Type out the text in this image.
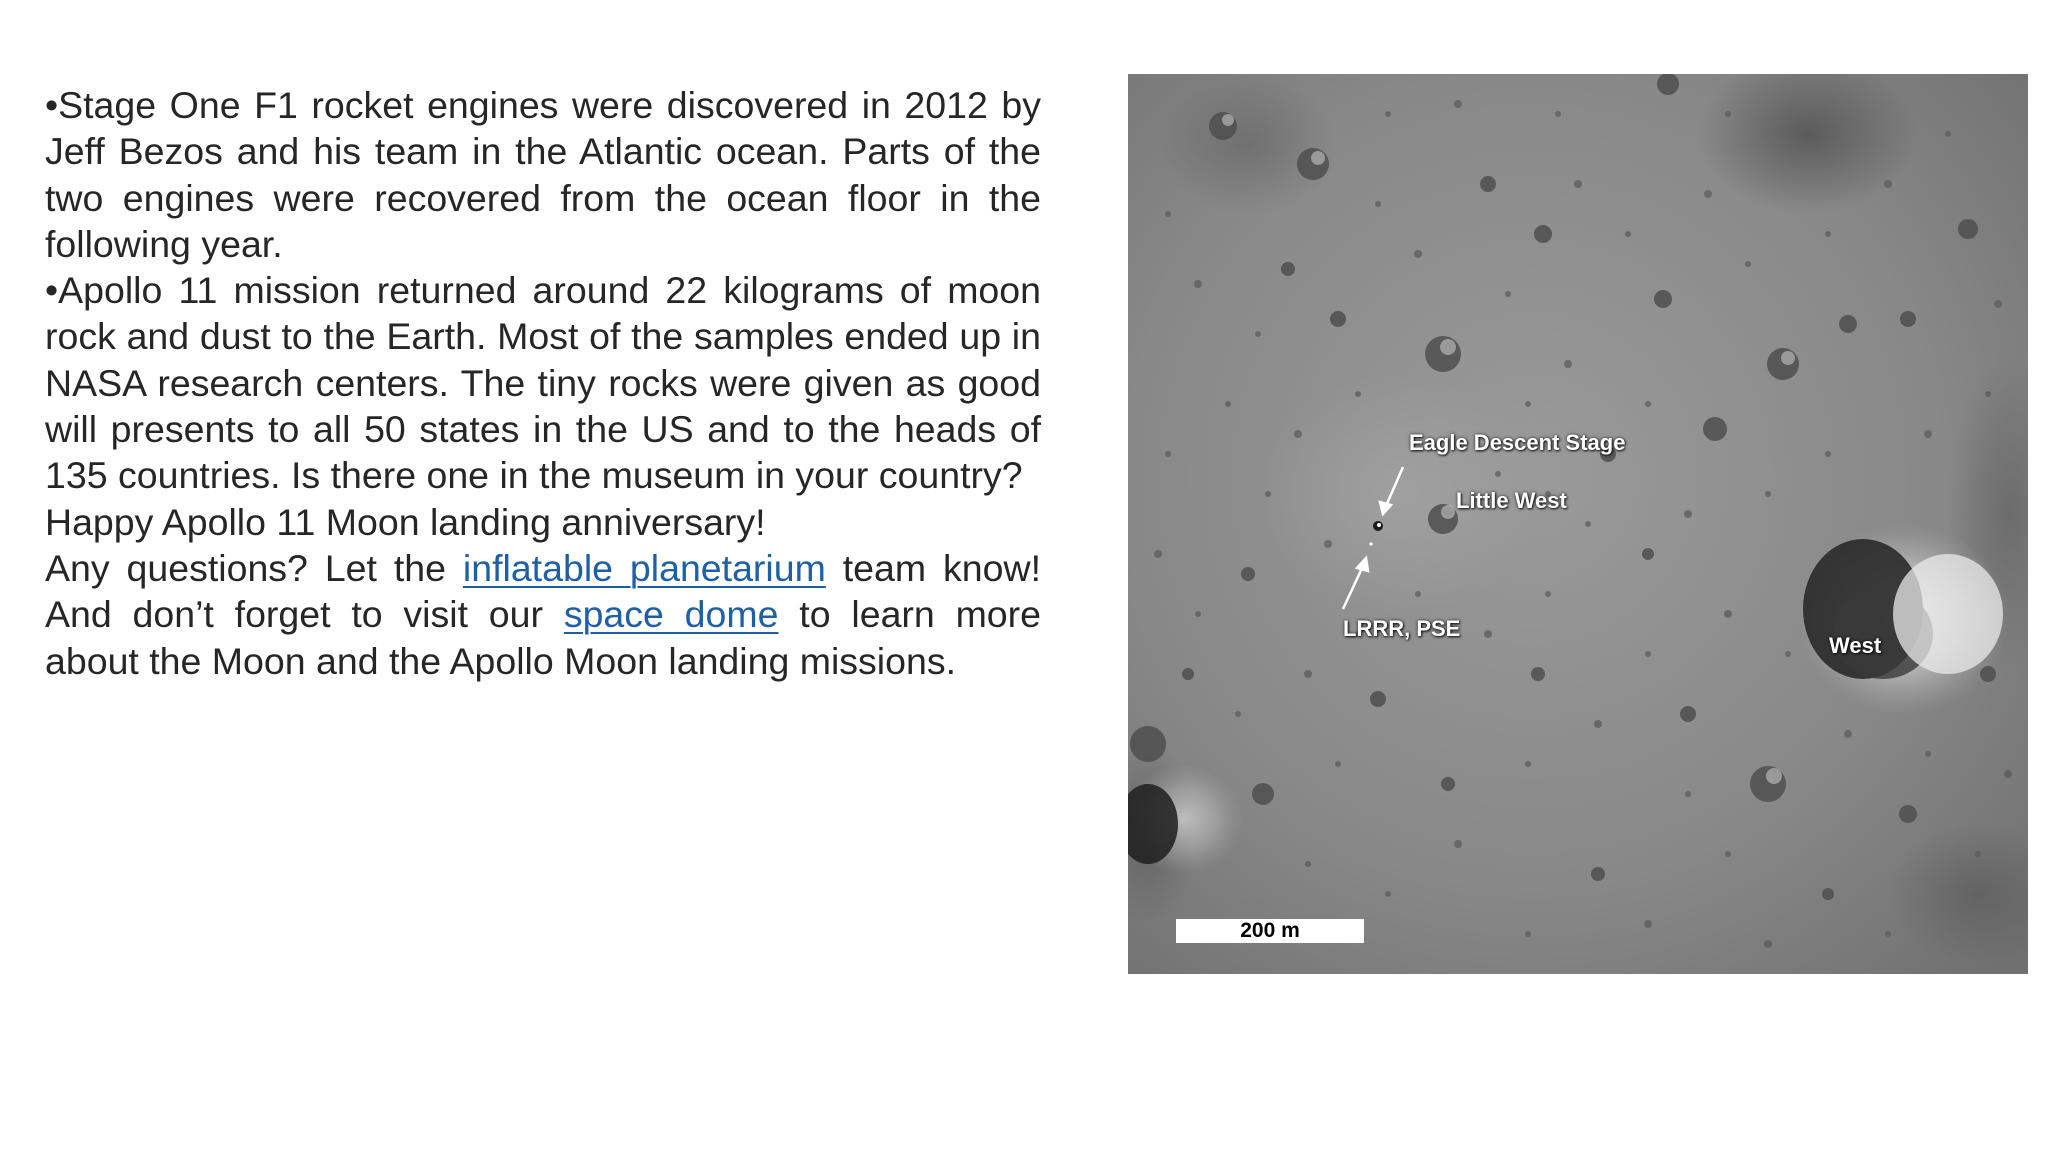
•Stage One F1 rocket engines were discovered in 2012 by Jeff Bezos and his team in the Atlantic ocean. Parts of the two engines were recovered from the ocean floor in the following year.

•Apollo 11 mission returned around 22 kilograms of moon rock and dust to the Earth. Most of the samples ended up in NASA research centers. The tiny rocks were given as good will presents to all 50 states in the US and to the heads of 135 countries. Is there one in the museum in your country?

Happy Apollo 11 Moon landing anniversary!

Any questions? Let the inflatable planetarium team know! And don’t forget to visit our space dome to learn more about the Moon and the Apollo Moon landing missions.

Eagle Descent Stage
Little West
LRRR, PSE
West
200 m
